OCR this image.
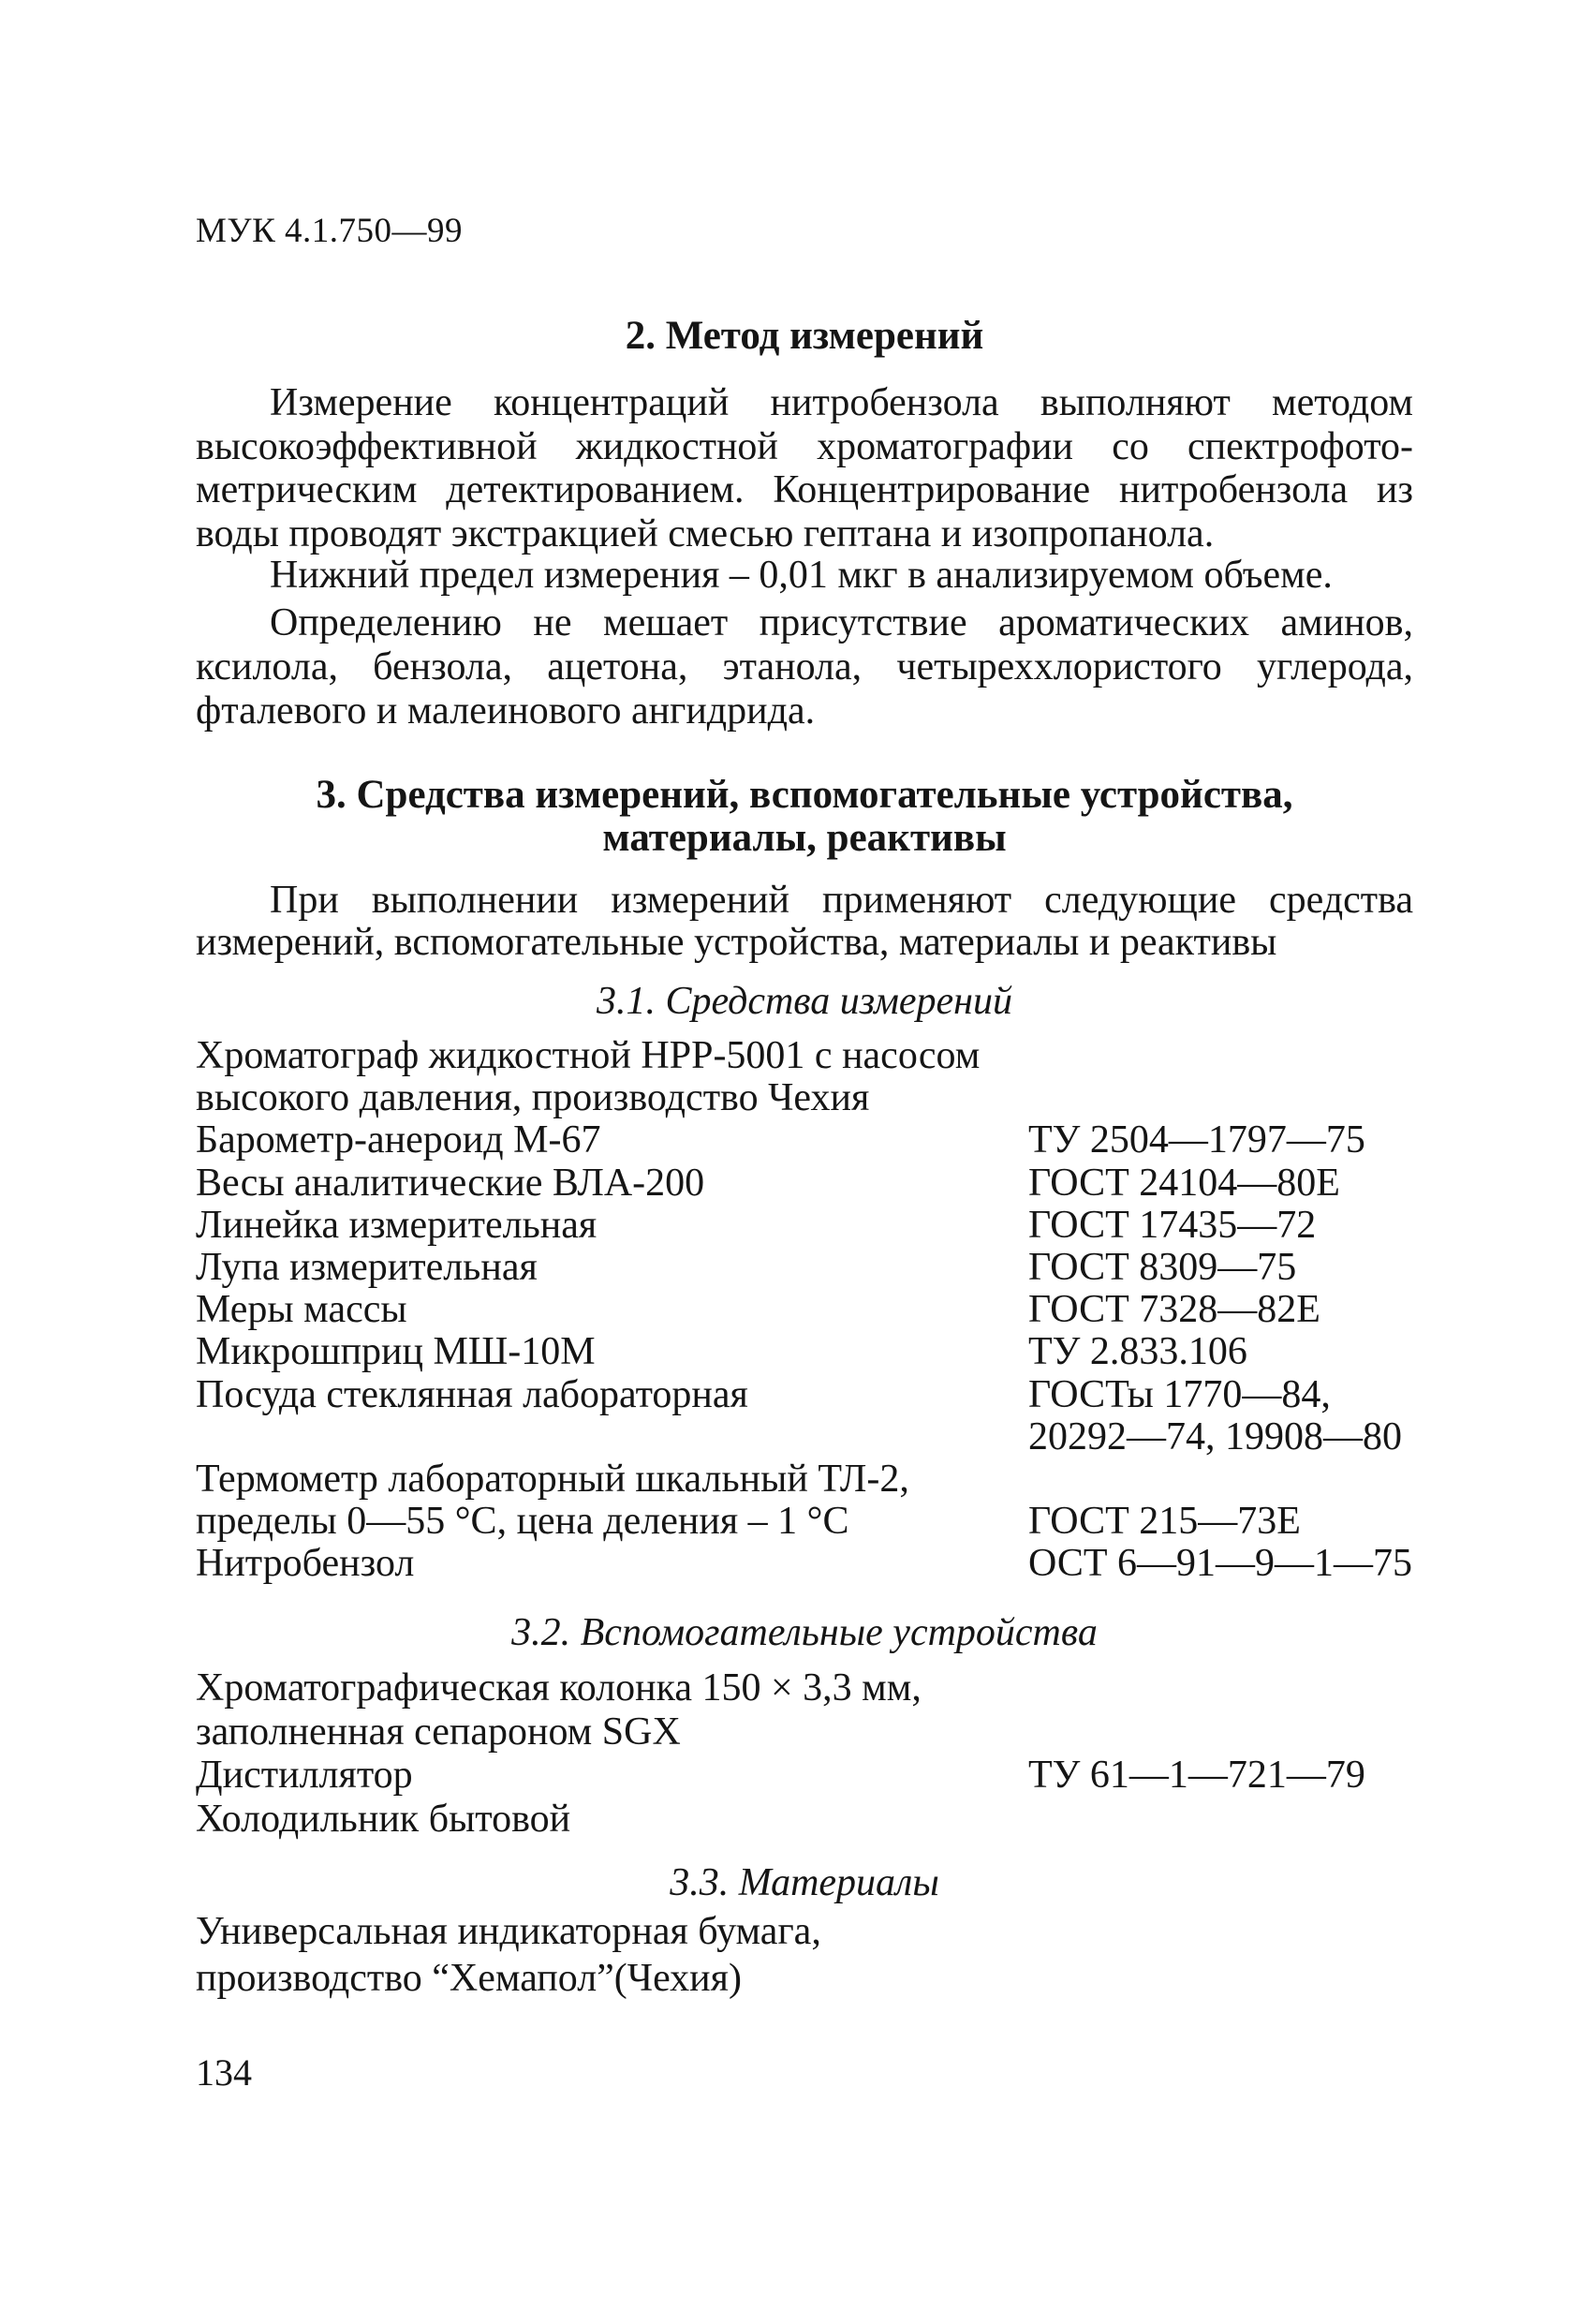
МУК 4.1.750—99
2. Метод измерений
Измерение концентраций нитробензола выполняют методом
высокоэффективной жидкостной хроматографии со спектрофото-
метрическим детектированием. Концентрирование нитробензола из
воды проводят экстракцией смесью гептана и изопропанола.
Нижний предел измерения – 0,01 мкг в анализируемом объеме.
Определению не мешает присутствие ароматических аминов,
ксилола, бензола, ацетона, этанола, четыреххлористого углерода,
фталевого и малеинового ангидрида.
3. Средства измерений, вспомогательные устройства,
материалы, реактивы
При выполнении измерений применяют следующие средства
измерений, вспомогательные устройства, материалы и реактивы
3.1. Средства измерений
Хроматограф жидкостной HPP-5001 с насосом
высокого давления, производство Чехия
Барометр-анероид М-67	ТУ 2504—1797—75
Весы аналитические ВЛА-200	ГОСТ 24104—80Е
Линейка измерительная	ГОСТ 17435—72
Лупа измерительная	ГОСТ 8309—75
Меры массы	ГОСТ 7328—82Е
Микрошприц МШ-10М	ТУ 2.833.106
Посуда стеклянная лабораторная	ГОСТы 1770—84,
20292—74, 19908—80
Термометр лабораторный шкальный ТЛ-2,
пределы 0—55 °С, цена деления – 1 °С	ГОСТ 215—73Е
Нитробензол	ОСТ 6—91—9—1—75
3.2. Вспомогательные устройства
Хроматографическая колонка 150 × 3,3 мм,
заполненная сепароном SGX
Дистиллятор	ТУ 61—1—721—79
Холодильник бытовой
3.3. Материалы
Универсальная индикаторная бумага,
производство “Хемапол”(Чехия)
134
